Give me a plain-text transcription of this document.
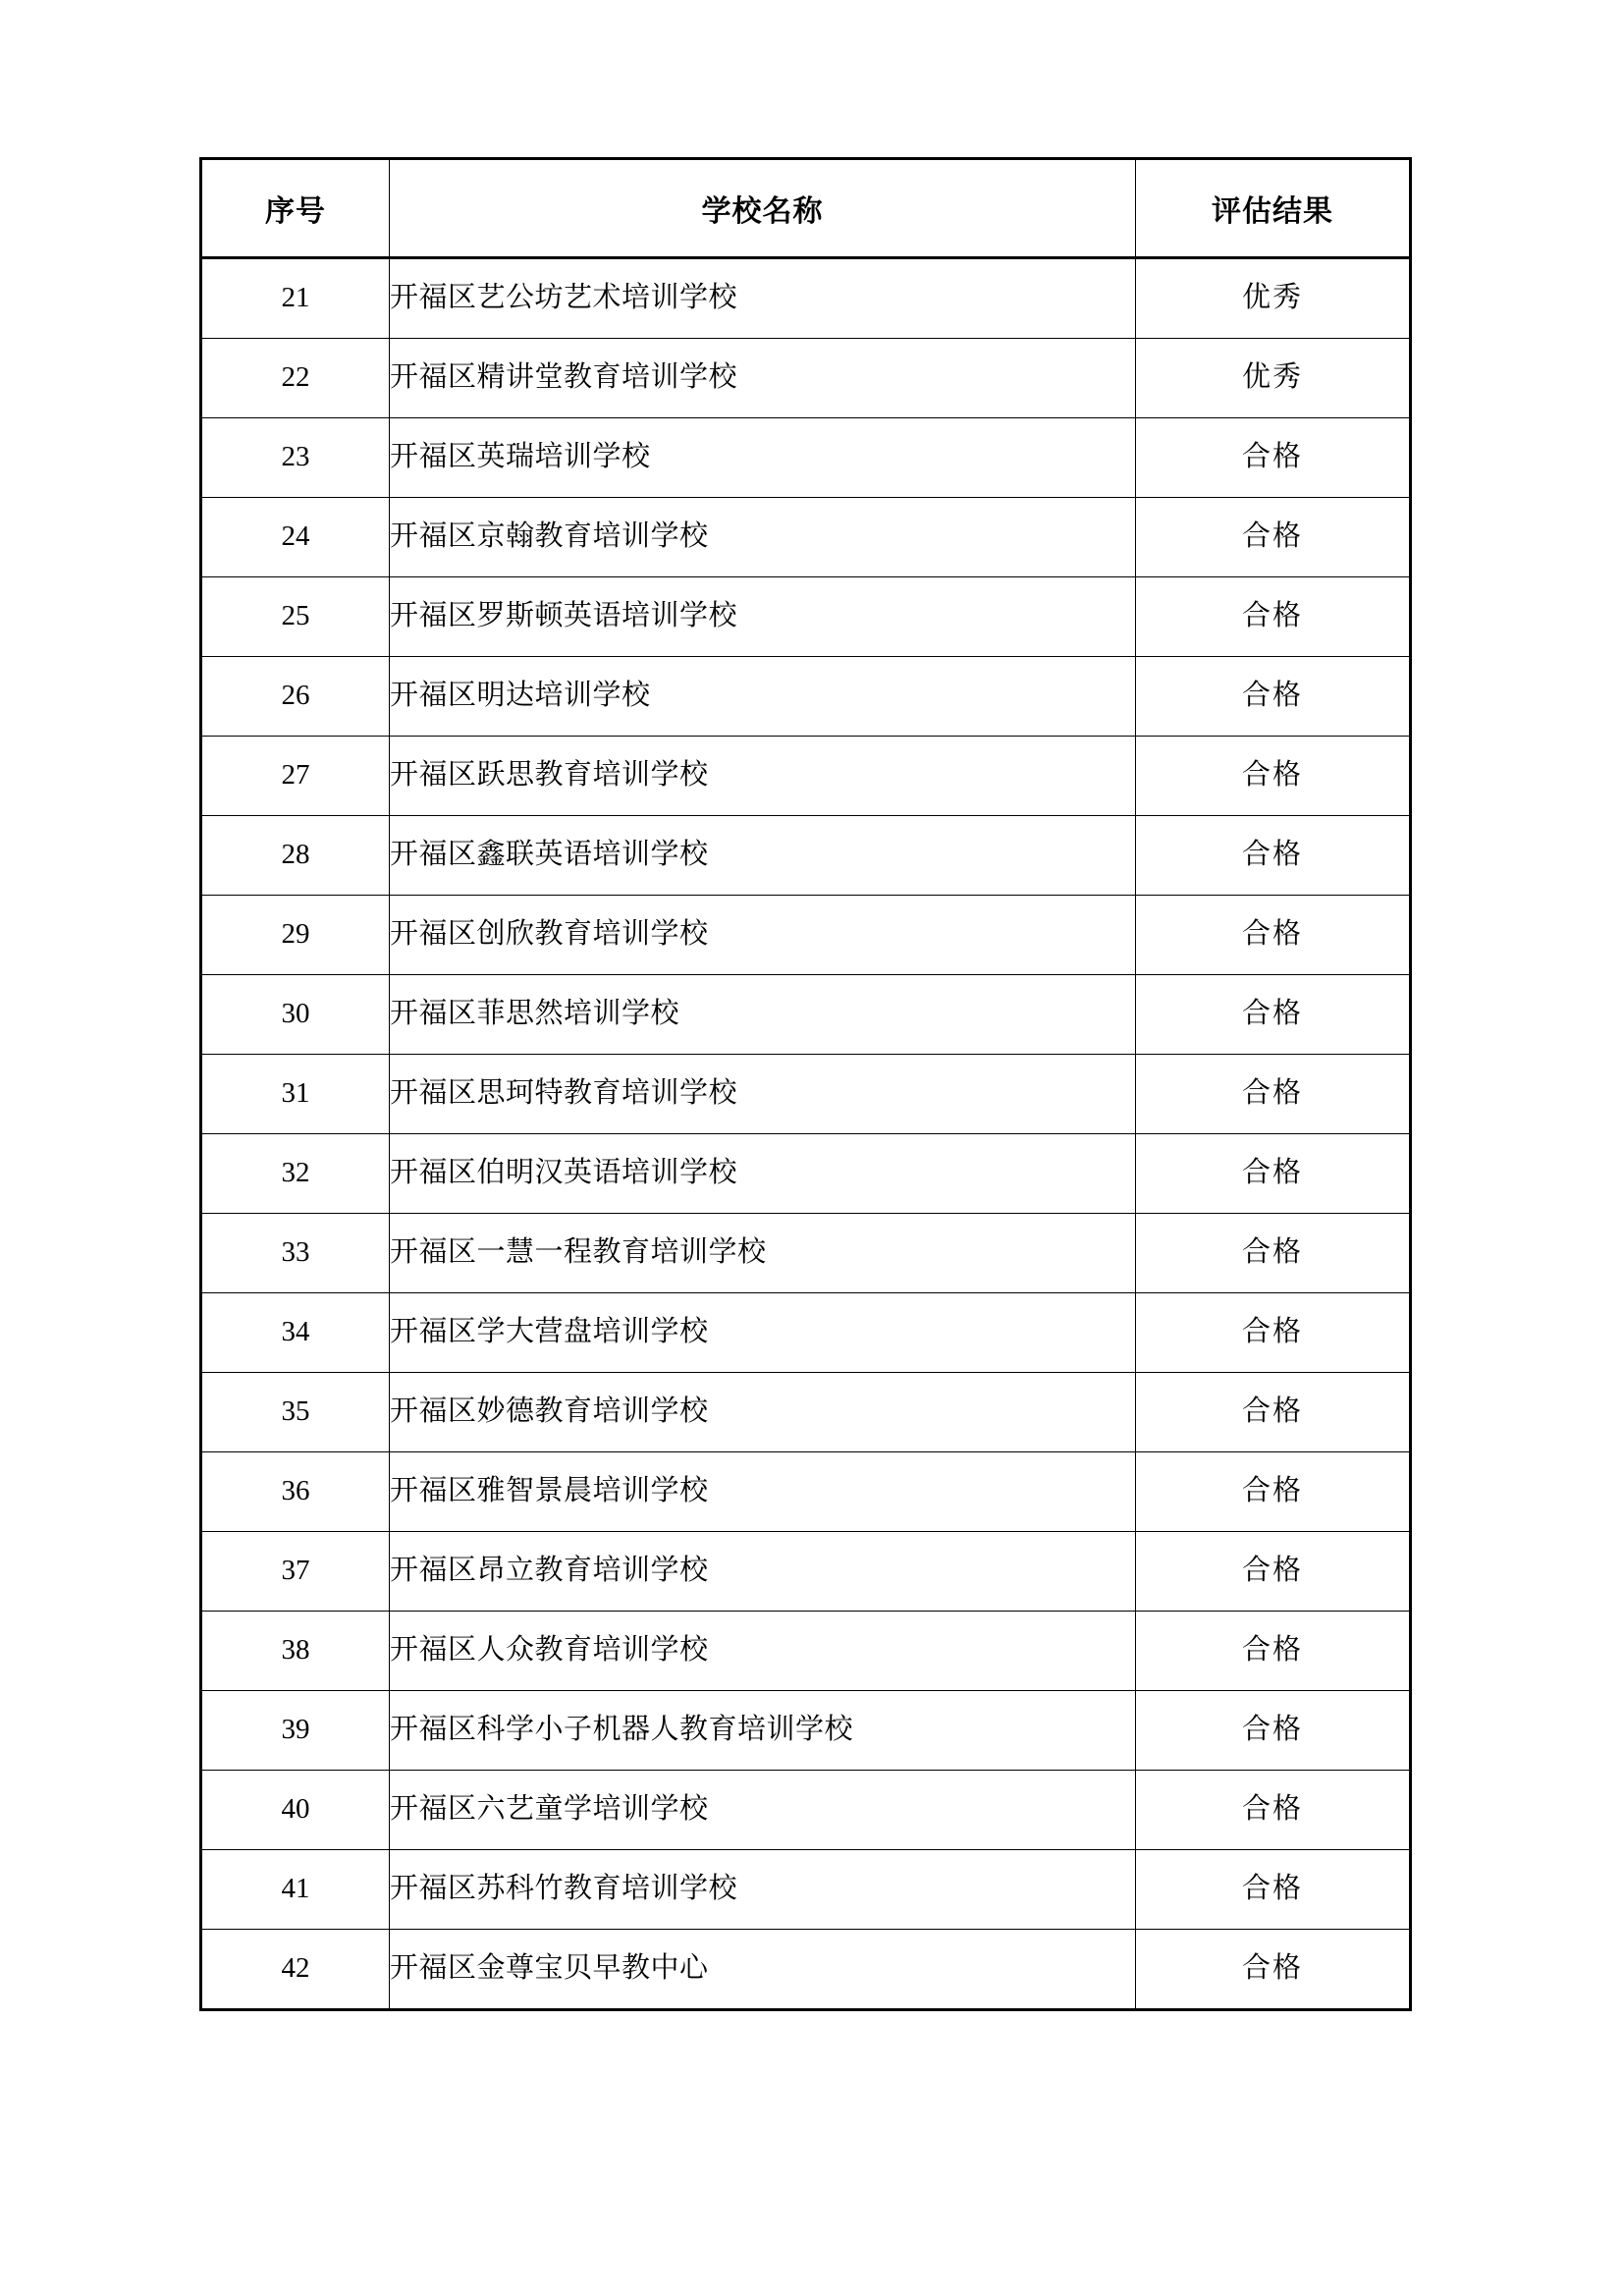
序号	学校名称	评估结果
21	开福区艺公坊艺术培训学校	优秀
22	开福区精讲堂教育培训学校	优秀
23	开福区英瑞培训学校	合格
24	开福区京翰教育培训学校	合格
25	开福区罗斯顿英语培训学校	合格
26	开福区明达培训学校	合格
27	开福区跃思教育培训学校	合格
28	开福区鑫联英语培训学校	合格
29	开福区创欣教育培训学校	合格
30	开福区菲思然培训学校	合格
31	开福区思珂特教育培训学校	合格
32	开福区伯明汉英语培训学校	合格
33	开福区一慧一程教育培训学校	合格
34	开福区学大营盘培训学校	合格
35	开福区妙德教育培训学校	合格
36	开福区雅智景晨培训学校	合格
37	开福区昂立教育培训学校	合格
38	开福区人众教育培训学校	合格
39	开福区科学小子机器人教育培训学校	合格
40	开福区六艺童学培训学校	合格
41	开福区苏科竹教育培训学校	合格
42	开福区金尊宝贝早教中心	合格
